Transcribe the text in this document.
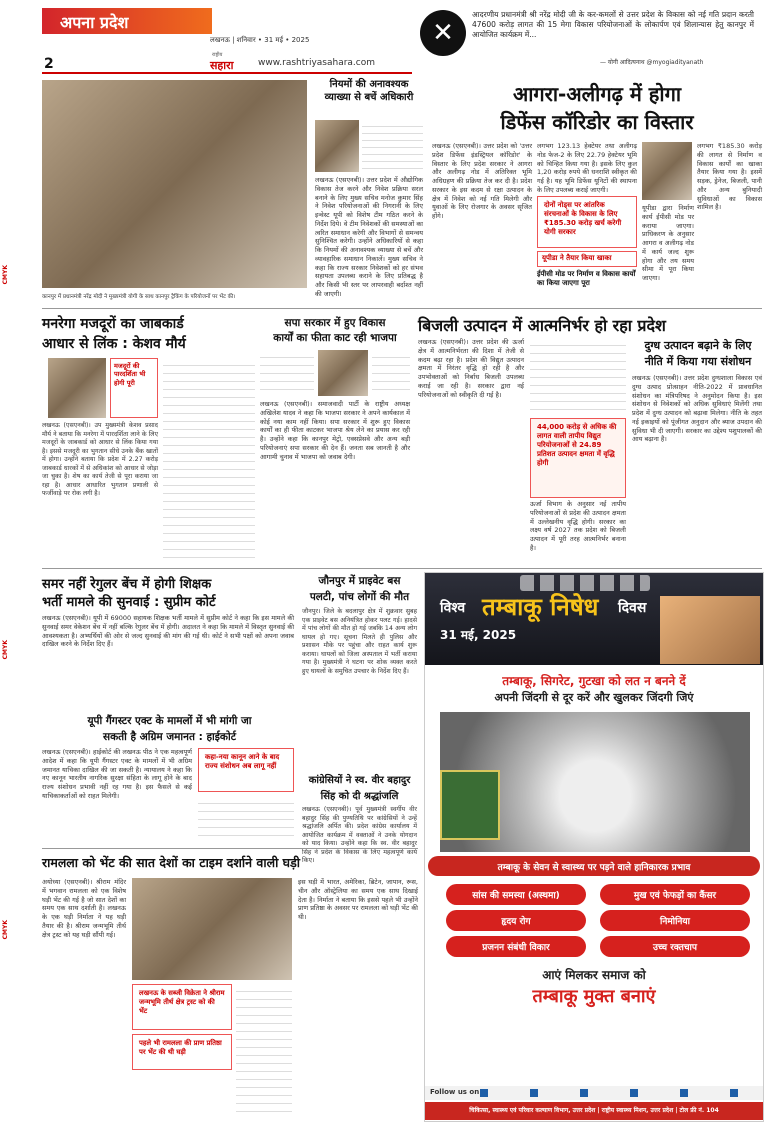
अपना प्रदेश
2
लखनऊ | शनिवार • 31 मई • 2025
राष्ट्रीय
सहारा	www.rashtriyasahara.com
✕
आदरणीय प्रधानमंत्री श्री नरेंद्र मोदी जी के कर-कमलों से उत्तर प्रदेश के विकास को नई गति प्रदान करती 47600 करोड़ लागत की 15 मेगा विकास परियोजनाओं के लोकार्पण एवं शिलान्यास हेतु कानपुर में आयोजित कार्यक्रम में...
— योगी आदित्यनाथ @myogiadityanath
कानपुर में प्रधानमंत्री नरेंद्र मोदी ने मुख्यमंत्री योगी के साथ कानपुर ट्रैकिंग के परियोजनों पर भेंट की।
नियमों की अनावश्यक व्याख्या से बचें अधिकारी
लखनऊ (एसएनबी)। उत्तर प्रदेश में औद्योगिक विकास तेज करने और निवेश प्रक्रिया सरल बनाने के लिए मुख्य सचिव मनोज कुमार सिंह ने निवेश परियोजनाओं की निगरानी के लिए इन्वेस्ट यूपी को विशेष टीम गठित करने के निर्देश दिये। वे टीम निवेशकों की समस्याओं का त्वरित समाधान करेगी और विभागों से समन्वय सुनिश्चित करेगी। उन्होंने अधिकारियों से कहा कि नियमों की अनावश्यक व्याख्या से बचें और व्यावहारिक समाधान निकालें। मुख्य सचिव ने कहा कि राज्य सरकार निवेशकों को हर संभव सहायता उपलब्ध कराने के लिए प्रतिबद्ध है और किसी भी स्तर पर लापरवाही बर्दाश्त नहीं की जाएगी।
आगरा-अलीगढ़ में होगा
डिफेंस कॉरिडोर का विस्तार
लखनऊ (एसएनबी)। उत्तर प्रदेश को 'उत्तर प्रदेश डिफेंस इंडस्ट्रियल कॉरिडोर' के विस्तार के लिए प्रदेश सरकार ने आगरा और अलीगढ़ नोड में अतिरिक्त भूमि अधिग्रहण की प्रक्रिया तेज कर दी है। प्रदेश सरकार के इस कदम से रक्षा उत्पादन के क्षेत्र में निवेश को नई गति मिलेगी और युवाओं के लिए रोजगार के अवसर सृजित होंगे।
लगभग 123.13 हेक्टेयर तथा अलीगढ़ नोड फेज-2 के लिए 22.79 हेक्टेयर भूमि को चिन्हित किया गया है। इसके लिए कुल 1,20 करोड़ रुपये की धनराशि स्वीकृत की गई है। यह भूमि डिफेंस यूनिटों की स्थापना के लिए उपलब्ध कराई जाएगी।
दोनों नोड्स पर आंतरिक संरचनाओं के विकास के लिए ₹185.30 करोड़ खर्च करेगी योगी सरकार
यूपीडा ने तैयार किया खाका
लगभग ₹185.30 करोड़ की लागत से निर्माण व विकास कार्यों का खाका तैयार किया गया है। इसमें सड़क, ड्रेनेज, बिजली, पानी और अन्य बुनियादी सुविधाओं का विकास शामिल है।
यूपीडा द्वारा निर्माण कार्य ईपीसी मोड पर कराया जाएगा। प्राधिकरण के अनुसार आगरा व अलीगढ़ नोड में कार्य जल्द शुरू होगा और तय समय सीमा में पूरा किया जाएगा।
ईपीसी मोड पर निर्माण व विकास कार्यों का किया जाएगा पूरा
मनरेगा मजदूरों का जाबकार्ड
आधार से लिंक : केशव मौर्य
मजदूरों की पारदर्शिता भी होगी पूरी
लखनऊ (एसएनबी)। उप मुख्यमंत्री केशव प्रसाद मौर्य ने बताया कि मनरेगा में पारदर्शिता लाने के लिए मजदूरों के जाबकार्ड को आधार से लिंक किया गया है। इससे मजदूरी का भुगतान सीधे उनके बैंक खातों में होगा। उन्होंने बताया कि प्रदेश में 2.27 करोड़ जाबकार्ड धारकों में से अधिकांश को आधार से जोड़ा जा चुका है। शेष का कार्य तेजी से पूरा कराया जा रहा है। आधार आधारित भुगतान प्रणाली से फर्जीवाड़े पर रोक लगी है।
सपा सरकार में हुए विकास
कार्यों का फीता काट रही भाजपा
लखनऊ (एसएनबी)। समाजवादी पार्टी के राष्ट्रीय अध्यक्ष अखिलेश यादव ने कहा कि भाजपा सरकार ने अपने कार्यकाल में कोई नया काम नहीं किया। सपा सरकार में शुरू हुए विकास कार्यों का ही फीता काटकर भाजपा श्रेय लेने का प्रयास कर रही है। उन्होंने कहा कि कानपुर मेट्रो, एक्सप्रेसवे और अन्य बड़ी परियोजनाएं सपा सरकार की देन हैं। जनता सब जानती है और आगामी चुनाव में भाजपा को जवाब देगी।
बिजली उत्पादन में आत्मनिर्भर हो रहा प्रदेश
लखनऊ (एसएनबी)। उत्तर प्रदेश की ऊर्जा क्षेत्र में आत्मनिर्भरता की दिशा में तेजी से कदम बढ़ा रहा है। प्रदेश की विद्युत उत्पादन क्षमता में निरंतर वृद्धि हो रही है और उपभोक्ताओं को निर्बाध बिजली उपलब्ध कराई जा रही है। सरकार द्वारा नई परियोजनाओं को स्वीकृति दी गई है।
44,000 करोड़ से अधिक की लागत वाली तापीय विद्युत परियोजनाओं से 24.89 प्रतिशत उत्पादन क्षमता में वृद्धि होगी
ऊर्जा विभाग के अनुसार नई तापीय परियोजनाओं से प्रदेश की उत्पादन क्षमता में उल्लेखनीय वृद्धि होगी। सरकार का लक्ष्य वर्ष 2027 तक प्रदेश को बिजली उत्पादन में पूरी तरह आत्मनिर्भर बनाना है।
दुग्ध उत्पादन बढ़ाने के लिए
नीति में किया गया संशोधन
लखनऊ (एसएनबी)। उत्तर प्रदेश दुग्धशाला विकास एवं दुग्ध उत्पाद प्रोत्साहन नीति-2022 में प्रावधानित संशोधन का मंत्रिपरिषद ने अनुमोदन किया है। इस संशोधन से निवेशकों को अधिक सुविधाएं मिलेंगी तथा प्रदेश में दुग्ध उत्पादन को बढ़ावा मिलेगा। नीति के तहत नई इकाइयों को पूंजीगत अनुदान और ब्याज उपदान की सुविधा भी दी जाएगी। सरकार का उद्देश्य पशुपालकों की आय बढ़ाना है।
समर नहीं रेगुलर बेंच में होगी शिक्षक
भर्ती मामले की सुनवाई : सुप्रीम कोर्ट
लखनऊ (एसएनबी)। यूपी में 69000 सहायक शिक्षक भर्ती मामले में सुप्रीम कोर्ट ने कहा कि इस मामले की सुनवाई समर वेकेशन बेंच में नहीं बल्कि रेगुलर बेंच में होगी। अदालत ने कहा कि मामले में विस्तृत सुनवाई की आवश्यकता है। अभ्यर्थियों की ओर से जल्द सुनवाई की मांग की गई थी। कोर्ट ने सभी पक्षों को अपना जवाब दाखिल करने के निर्देश दिए हैं।
यूपी गैंगस्टर एक्ट के मामलों में भी मांगी जा
सकती है अग्रिम जमानत : हाईकोर्ट
लखनऊ (एसएनबी)। हाईकोर्ट की लखनऊ पीठ ने एक महत्वपूर्ण आदेश में कहा कि यूपी गैंगस्टर एक्ट के मामलों में भी अग्रिम जमानत याचिका दाखिल की जा सकती है। न्यायालय ने कहा कि नए कानून भारतीय नागरिक सुरक्षा संहिता के लागू होने के बाद राज्य संशोधन प्रभावी नहीं रह गया है। इस फैसले से कई याचिकाकर्ताओं को राहत मिलेगी।
कहा-नया कानून आने के बाद राज्य संशोधन अब लागू नहीं
जौनपुर में प्राइवेट बस
पलटी, पांच लोगों की मौत
जौनपुर। जिले के बदलापुर क्षेत्र में शुक्रवार सुबह एक प्राइवेट बस अनियंत्रित होकर पलट गई। हादसे में पांच लोगों की मौत हो गई जबकि 14 अन्य लोग घायल हो गए। सूचना मिलते ही पुलिस और प्रशासन मौके पर पहुंचा और राहत कार्य शुरू कराया। घायलों को जिला अस्पताल में भर्ती कराया गया है। मुख्यमंत्री ने घटना पर शोक व्यक्त करते हुए घायलों के समुचित उपचार के निर्देश दिए हैं।
कांग्रेसियों ने स्व. वीर बहादुर
सिंह को दी श्रद्धांजलि
लखनऊ (एसएनबी)। पूर्व मुख्यमंत्री स्वर्गीय वीर बहादुर सिंह की पुण्यतिथि पर कांग्रेसियों ने उन्हें श्रद्धांजलि अर्पित की। प्रदेश कांग्रेस कार्यालय में आयोजित कार्यक्रम में वक्ताओं ने उनके योगदान को याद किया। उन्होंने कहा कि स्व. वीर बहादुर सिंह ने प्रदेश के विकास के लिए महत्वपूर्ण कार्य किए।
रामलला को भेंट की सात देशों का टाइम दर्शाने वाली घड़ी
अयोध्या (एसएनबी)। श्रीराम मंदिर में भगवान रामलला को एक विशेष घड़ी भेंट की गई है जो सात देशों का समय एक साथ दर्शाती है। लखनऊ के एक घड़ी निर्माता ने यह घड़ी तैयार की है। श्रीराम जन्मभूमि तीर्थ क्षेत्र ट्रस्ट को यह घड़ी सौंपी गई।
लखनऊ के सब्जी विक्रेता ने श्रीराम जन्मभूमि तीर्थ क्षेत्र ट्रस्ट को की भेंट
पहले भी रामलला की प्राण प्रतिष्ठा पर भेंट की थी घड़ी
इस घड़ी में भारत, अमेरिका, ब्रिटेन, जापान, रूस, चीन और ऑस्ट्रेलिया का समय एक साथ दिखाई देता है। निर्माता ने बताया कि इससे पहले भी उन्होंने प्राण प्रतिष्ठा के अवसर पर रामलला को घड़ी भेंट की थी।
विश्व तम्बाकू निषेध दिवस
31 मई, 2025
तम्बाकू, सिगरेट, गुटखा को लत न बनने दें
अपनी जिंदगी से दूर करें और खुलकर जिंदगी जिएं
तम्बाकू के सेवन से स्वास्थ्य पर पड़ने वाले हानिकारक प्रभाव
सांस की समस्या (अस्थमा)	मुख एवं फेफड़ों का कैंसर
हृदय रोग	निमोनिया
प्रजनन संबंधी विकार	उच्च रक्तचाप
आएं मिलकर समाज को
तम्बाकू मुक्त बनाएं
Follow us on
चिकित्सा, स्वास्थ्य एवं परिवार कल्याण विभाग, उत्तर प्रदेश | राष्ट्रीय स्वास्थ्य मिशन, उत्तर प्रदेश | टोल फ्री नं. 104
CMYK
CMYK
CMYK
